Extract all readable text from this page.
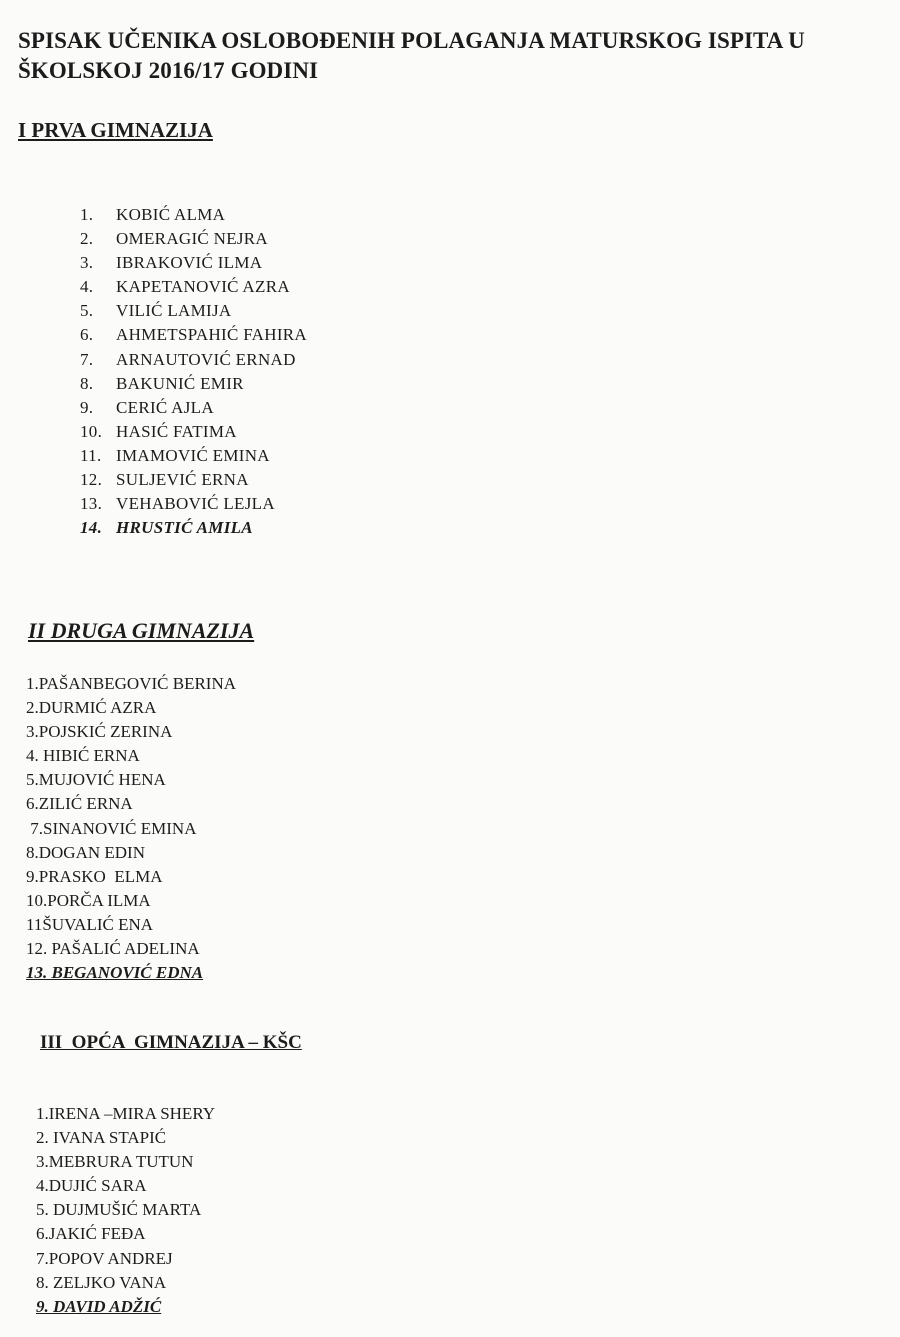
SPISAK UČENIKA OSLOBOĐENIH POLAGANJA MATURSKOG ISPITA U
ŠKOLSKOJ 2016/17 GODINI
I PRVA GIMNAZIJA
1. KOBIĆ ALMA
2. OMERAGIĆ NEJRA
3. IBRAKOVIĆ ILMA
4. KAPETANOVIĆ AZRA
5. VILIĆ LAMIJA
6. AHMETSPAHIĆ FAHIRA
7. ARNAUTOVIĆ ERNAD
8. BAKUNIĆ EMIR
9. CERIĆ AJLA
10. HASIĆ FATIMA
11. IMAMOVIĆ EMINA
12. SULJEVIĆ ERNA
13. VEHABOVIĆ LEJLA
14. HRUSTIĆ AMILA
II DRUGA GIMNAZIJA
1.PAŠANBEGOVIĆ BERINA
2.DURMIĆ AZRA
3.POJSKIĆ ZERINA
4. HIBIĆ ERNA
5.MUJOVIĆ HENA
6.ZILIĆ ERNA
7.SINANOVIĆ EMINA
8.DOGAN EDIN
9.PRASKO  ELMA
10.PORČA ILMA
11ŠUVALIĆ ENA
12. PAŠALIĆ ADELINA
13. BEGANOVIĆ EDNA
III  OPĆA  GIMNAZIJA – KŠC
1.IRENA –MIRA SHERY
2. IVANA STAPIĆ
3.MEBRURA TUTUN
4.DUJIĆ SARA
5. DUJMUŠIĆ MARTA
6.JAKIĆ FEĐA
7.POPOV ANDREJ
8. ZELJKO VANA
9. DAVID ADŽIĆ
